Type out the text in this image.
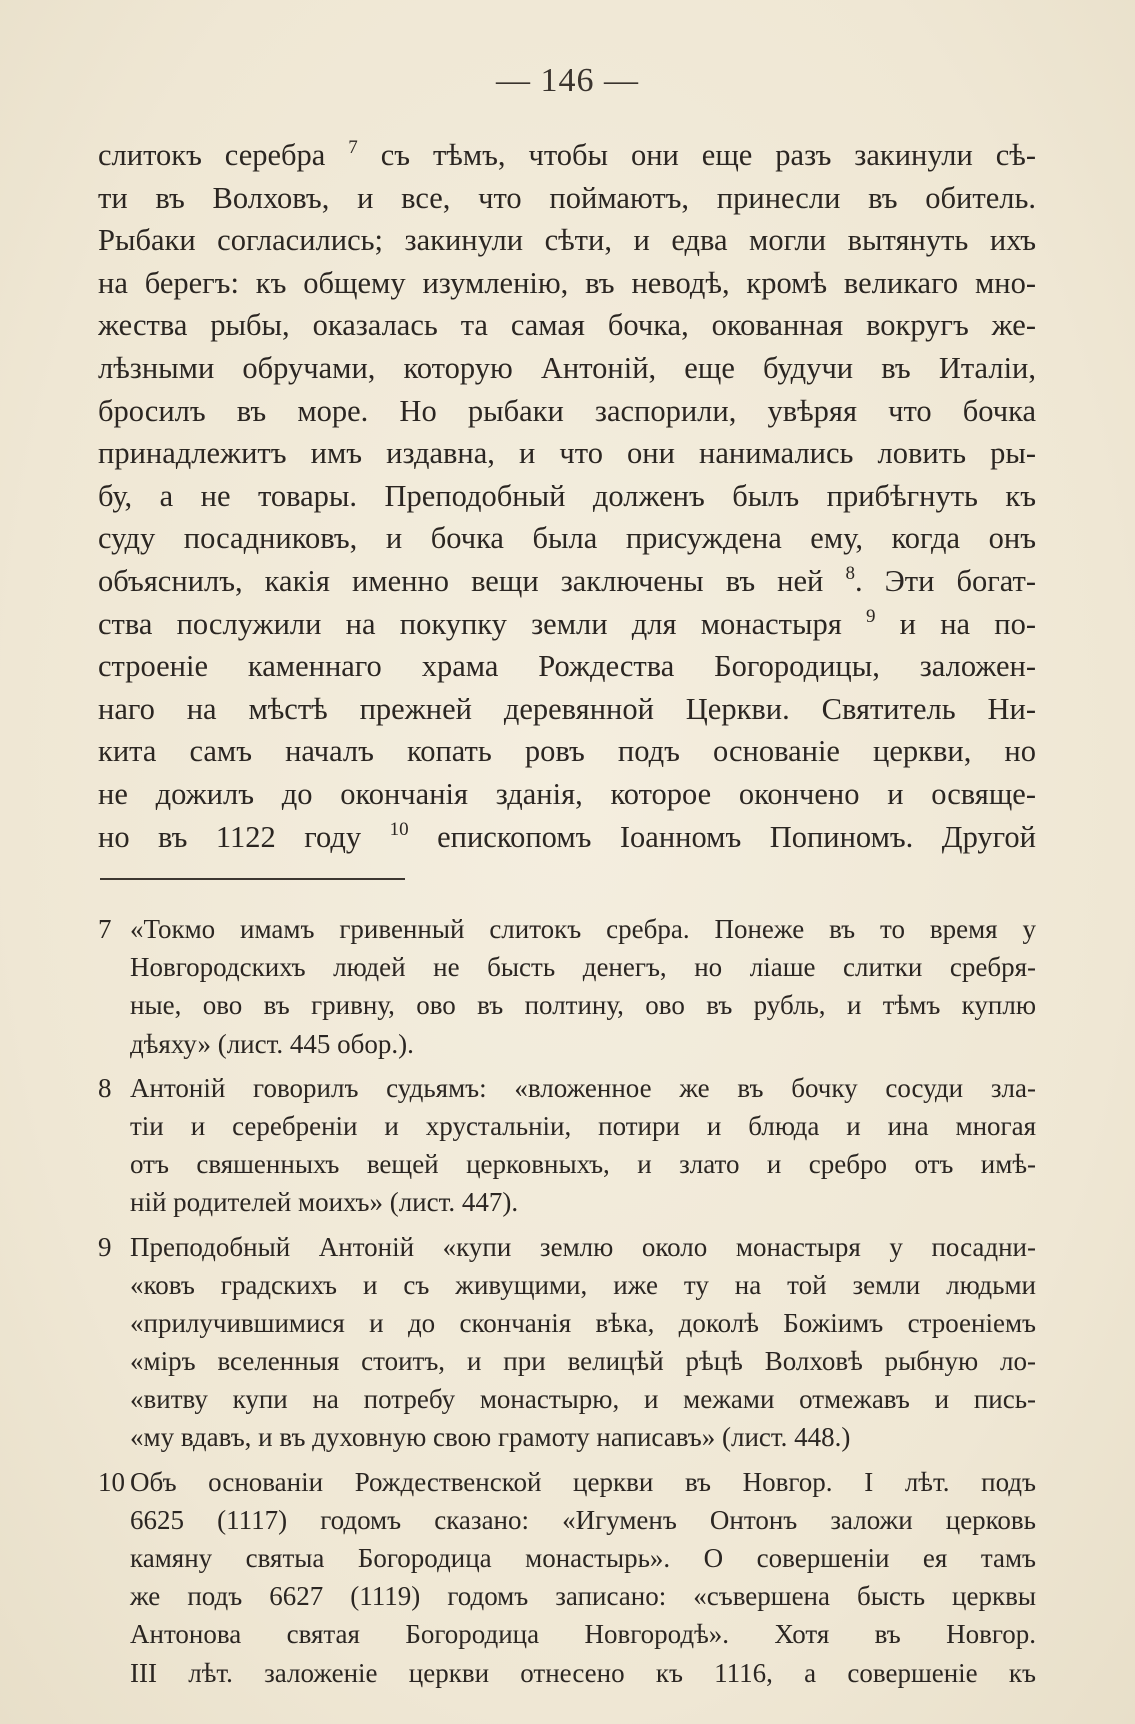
— 146 —
слитокъ серебра $^7$ съ тѣмъ, чтобы они еще разъ закинули сѣ-
ти въ Волховъ, и все, что поймаютъ, принесли въ обитель.
Рыбаки согласились; закинули сѣти, и едва могли вытянуть ихъ
на берегъ: къ общему изумленію, въ неводѣ, кромѣ великаго мно-
жества рыбы, оказалась та самая бочка, окованная вокругъ же-
лѣзными обручами, которую Антоній, еще будучи въ Италіи,
бросилъ въ море. Но рыбаки заспорили, увѣряя что бочка
принадлежитъ имъ издавна, и что они нанимались ловить ры-
бу, а не товары. Преподобный долженъ былъ прибѣгнуть къ
суду посадниковъ, и бочка была присуждена ему, когда онъ
объяснилъ, какія именно вещи заключены въ ней $^8$. Эти богат-
ства послужили на покупку земли для монастыря $^9$ и на по-
строеніе каменнаго храма Рождества Богородицы, заложен-
наго на мѣстѣ прежней деревянной Церкви. Святитель Ни-
кита самъ началъ копать ровъ подъ основаніе церкви, но
не дожилъ до окончанія зданія, которое окончено и освяще-
но въ 1122 году $^{10}$ епископомъ Іоанномъ Попиномъ. Другой
7 «Токмо имамъ гривенный слитокъ сребра. Понеже въ то время у
Новгородскихъ людей не бысть денегъ, но ліаше слитки сребря-
ные, ово въ гривну, ово въ полтину, ово въ рубль, и тѣмъ куплю
дѣяху» (лист. 445 обор.).
8 Антоній говорилъ судьямъ: «вложенное же въ бочку сосуди зла-
тіи и серебреніи и хрустальніи, потири и блюда и ина многая
отъ свяшенныхъ вещей церковныхъ, и злато и сребро отъ имѣ-
ній родителей моихъ» (лист. 447).
9 Преподобный Антоній «купи землю около монастыря у посадни-
«ковъ градскихъ и съ живущими, иже ту на той земли людьми
«прилучившимися и до скончанія вѣка, доколѣ Божіимъ строеніемъ
«міръ вселенныя стоитъ, и при велицѣй рѣцѣ Волховѣ рыбную ло-
«витву купи на потребу монастырю, и межами отмежавъ и пись-
«му вдавъ, и въ духовную свою грамоту написавъ» (лист. 448.)
10 Объ основаніи Рождественской церкви въ Новгор. I лѣт. подъ
6625 (1117) годомъ сказано: «Игуменъ Онтонъ заложи церковь
камяну святыа Богородица монастырь». О совершеніи ея тамъ
же подъ 6627 (1119) годомъ записано: «съвершена бысть церквы
Антонова святая Богородица Новгородѣ». Хотя въ Новгор.
III лѣт. заложеніе церкви отнесено къ 1116, а совершеніе къ
